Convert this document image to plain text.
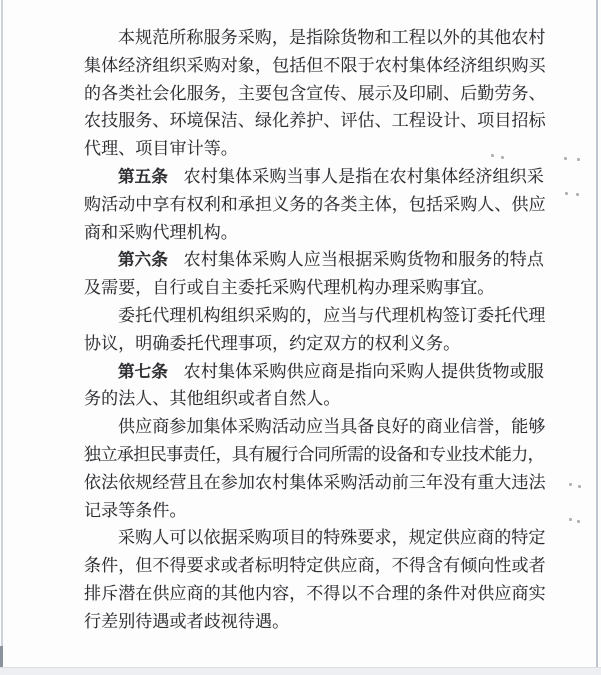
本规范所称服务采购，是指除货物和工程以外的其他农村
集体经济组织采购对象，包括但不限于农村集体经济组织购买
的各类社会化服务，主要包含宣传、展示及印刷、后勤劳务、
农技服务、环境保洁、绿化养护、评估、工程设计、项目招标
代理、项目审计等。
第五条 农村集体采购当事人是指在农村集体经济组织采
购活动中享有权利和承担义务的各类主体，包括采购人、供应
商和采购代理机构。
第六条 农村集体采购人应当根据采购货物和服务的特点
及需要，自行或自主委托采购代理机构办理采购事宜。
委托代理机构组织采购的，应当与代理机构签订委托代理
协议，明确委托代理事项，约定双方的权利义务。
第七条 农村集体采购供应商是指向采购人提供货物或服
务的法人、其他组织或者自然人。
供应商参加集体采购活动应当具备良好的商业信誉，能够
独立承担民事责任，具有履行合同所需的设备和专业技术能力，
依法依规经营且在参加农村集体采购活动前三年没有重大违法
记录等条件。
采购人可以依据采购项目的特殊要求，规定供应商的特定
条件，但不得要求或者标明特定供应商，不得含有倾向性或者
排斥潜在供应商的其他内容，不得以不合理的条件对供应商实
行差别待遇或者歧视待遇。
